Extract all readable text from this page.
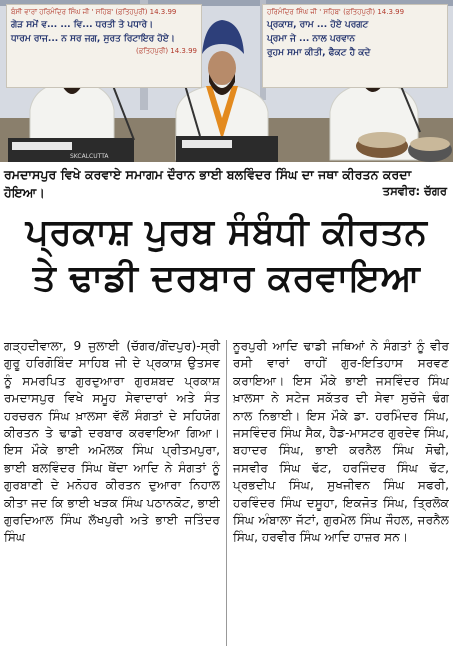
SKCALCUTTA
ਬੰਸੀ ਵਾਰਾਂ ਹਰਿਮੰਦਿਰ ਸਿੰਘ ਜੀ ' ਸਹਿਬ' (ਫ਼ਤਿਹਪੁਰੀ) 14.3.99
ਗੇੜ ਸਮੇਂ ਵ... ... ਵਿ... ਧਰਤੀ ਤੇ ਪਧਾਰੇ।
ਧਾਰਮ ਰਾਜ... ਨ ਸਰ ਜਗ, ਸੁਰਤ ਰਿਟਾਇਰ ਹੋਏ।
(ਫ਼ਤਿਹਪੁਰੀ) 14.3.99
ਹਰਿਮੰਦਿਰ ਸਿੰਘ ਜੀ ' ਸਹਿਬ' (ਫ਼ਤਿਹਪੁਰੀ) 14.3.99
ਪ੍ਰਕਾਸ਼, ਰਾਮ ... ਹੋਏ ਪਰਗਟ
ਪ੍ਰਮਾ ਜੇ ... ਨਾਲ ਪਰਵਾਨ
ਰੁਹਮ ਸਮਾ ਕੀਤੀ, ਫੈਕਟ ਹੈ ਕਦੇ
ਰਮਦਾਸਪੁਰ ਵਿਖੇ ਕਰਵਾਏ ਸਮਾਗਮ ਦੌਰਾਨ ਭਾਈ ਬਲਵਿੰਦਰ ਸਿੰਘ ਦਾ ਜਥਾ ਕੀਰਤਨ ਕਰਦਾ ਹੋਇਆ।	ਤਸਵੀਰ: ਚੱਗਰ
ਪ੍ਰਕਾਸ਼ ਪੁਰਬ ਸੰਬੰਧੀ ਕੀਰਤਨ
ਤੇ ਢਾਡੀ ਦਰਬਾਰ ਕਰਵਾਇਆ

ਗੜ੍ਹਦੀਵਾਲਾ, 9 ਜੁਲਾਈ (ਚੱਗਰ/ਗੋਂਦਪੁਰ)-ਸ੍ਰੀ ਗੁਰੂ ਹਰਿਗੋਬਿੰਦ ਸਾਹਿਬ ਜੀ ਦੇ ਪ੍ਰਕਾਸ਼ ਉਤਸਵ ਨੂੰ ਸਮਰਪਿਤ ਗੁਰਦੁਆਰਾ ਗੁਰਸ਼ਬਦ ਪ੍ਰਕਾਸ਼ ਰਮਦਾਸਪੁਰ ਵਿਖੇ ਸਮੂਹ ਸੇਵਾਦਾਰਾਂ ਅਤੇ ਸੰਤ ਹਰਚਰਨ ਸਿੰਘ ਖ਼ਾਲਸਾ ਵੱਲੋਂ ਸੰਗਤਾਂ ਦੇ ਸਹਿਯੋਗ ਕੀਰਤਨ ਤੇ ਢਾਡੀ ਦਰਬਾਰ ਕਰਵਾਇਆ ਗਿਆ। ਇਸ ਮੌਕੇ ਭਾਈ ਅਮੋਲਕ ਸਿੰਘ ਪ੍ਰੀਤਮਪੁਰਾ, ਭਾਈ ਬਲਵਿੰਦਰ ਸਿੰਘ ਥੇਂਦਾ ਆਦਿ ਨੇ ਸੰਗਤਾਂ ਨੂੰ ਗੁਰਬਾਣੀ ਦੇ ਮਨੋਹਰ ਕੀਰਤਨ ਦੁਆਰਾ ਨਿਹਾਲ ਕੀਤਾ ਜਦ ਕਿ ਭਾਈ ਖੜਕ ਸਿੰਘ ਪਠਾਨਕੋਟ, ਭਾਈ ਗੁਰਦਿਆਲ ਸਿੰਘ ਲੱਖਪੁਰੀ ਅਤੇ ਭਾਈ ਜਤਿੰਦਰ ਸਿੰਘ

ਨੂਰਪੁਰੀ ਆਦਿ ਢਾਡੀ ਜਥਿਆਂ ਨੇ ਸੰਗਤਾਂ ਨੂੰ ਵੀਰ ਰਸੀ ਵਾਰਾਂ ਰਾਹੀਂ ਗੁਰ-ਇਤਿਹਾਸ ਸਰਵਣ ਕਰਾਇਆ। ਇਸ ਮੌਕੇ ਭਾਈ ਜਸਵਿੰਦਰ ਸਿੰਘ ਖ਼ਾਲਸਾ ਨੇ ਸਟੇਜ ਸਕੱਤਰ ਦੀ ਸੇਵਾ ਸੁਚੱਜੇ ਢੰਗ ਨਾਲ ਨਿਭਾਈ। ਇਸ ਮੌਕੇ ਡਾ. ਹਰਮਿੰਦਰ ਸਿੰਘ, ਜਸਵਿੰਦਰ ਸਿੰਘ ਸੈਕ, ਹੈਡ-ਮਾਸਟਰ ਗੁਰਦੇਵ ਸਿੰਘ, ਬਹਾਦਰ ਸਿੰਘ, ਭਾਈ ਕਰਨੈਲ ਸਿੰਘ ਸੋਢੀ, ਜਸਵੀਰ ਸਿੰਘ ਢੱਟ, ਹਰਜਿੰਦਰ ਸਿੰਘ ਢੱਟ, ਪ੍ਰਭਦੀਪ ਸਿੰਘ, ਸੁਖਜੀਵਨ ਸਿੰਘ ਸਫਰੀ, ਹਰਵਿੰਦਰ ਸਿੰਘ ਦਸੂਹਾ, ਇਕਜੋਤ ਸਿੰਘ, ਤ੍ਰਿਲੋਕ ਸਿੰਘ ਅੰਬਾਲਾ ਜੱਟਾਂ, ਗੁਰਮੇਲ ਸਿੰਘ ਜੌਹਲ, ਜਰਨੈਲ ਸਿੰਘ, ਹਰਵੀਰ ਸਿੰਘ ਆਦਿ ਹਾਜ਼ਰ ਸਨ।
